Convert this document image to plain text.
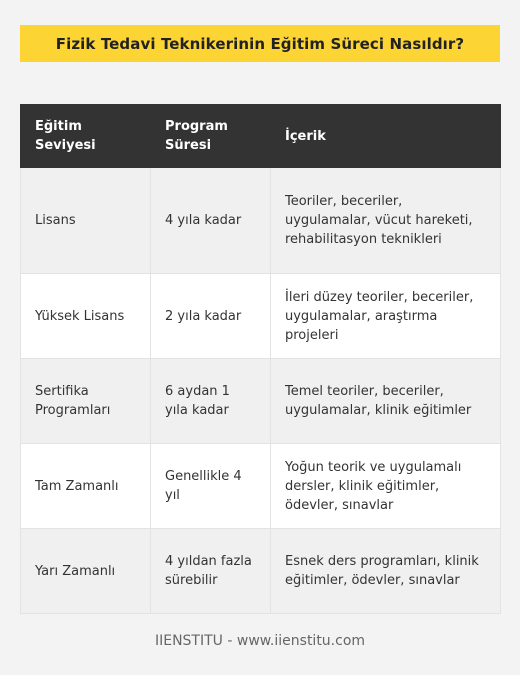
Fizik Tedavi Teknikerinin Eğitim Süreci Nasıldır?
Eğitim Seviyesi	Program Süresi	İçerik
Lisans	4 yıla kadar	Teoriler, beceriler, uygulamalar, vücut hareketi, rehabilitasyon teknikleri
Yüksek Lisans	2 yıla kadar	İleri düzey teoriler, beceriler, uygulamalar, araştırma projeleri
Sertifika Programları	6 aydan 1 yıla kadar	Temel teoriler, beceriler, uygulamalar, klinik eğitimler
Tam Zamanlı	Genellikle 4 yıl	Yoğun teorik ve uygulamalı dersler, klinik eğitimler, ödevler, sınavlar
Yarı Zamanlı	4 yıldan fazla sürebilir	Esnek ders programları, klinik eğitimler, ödevler, sınavlar
IIENSTITU - www.iienstitu.com
